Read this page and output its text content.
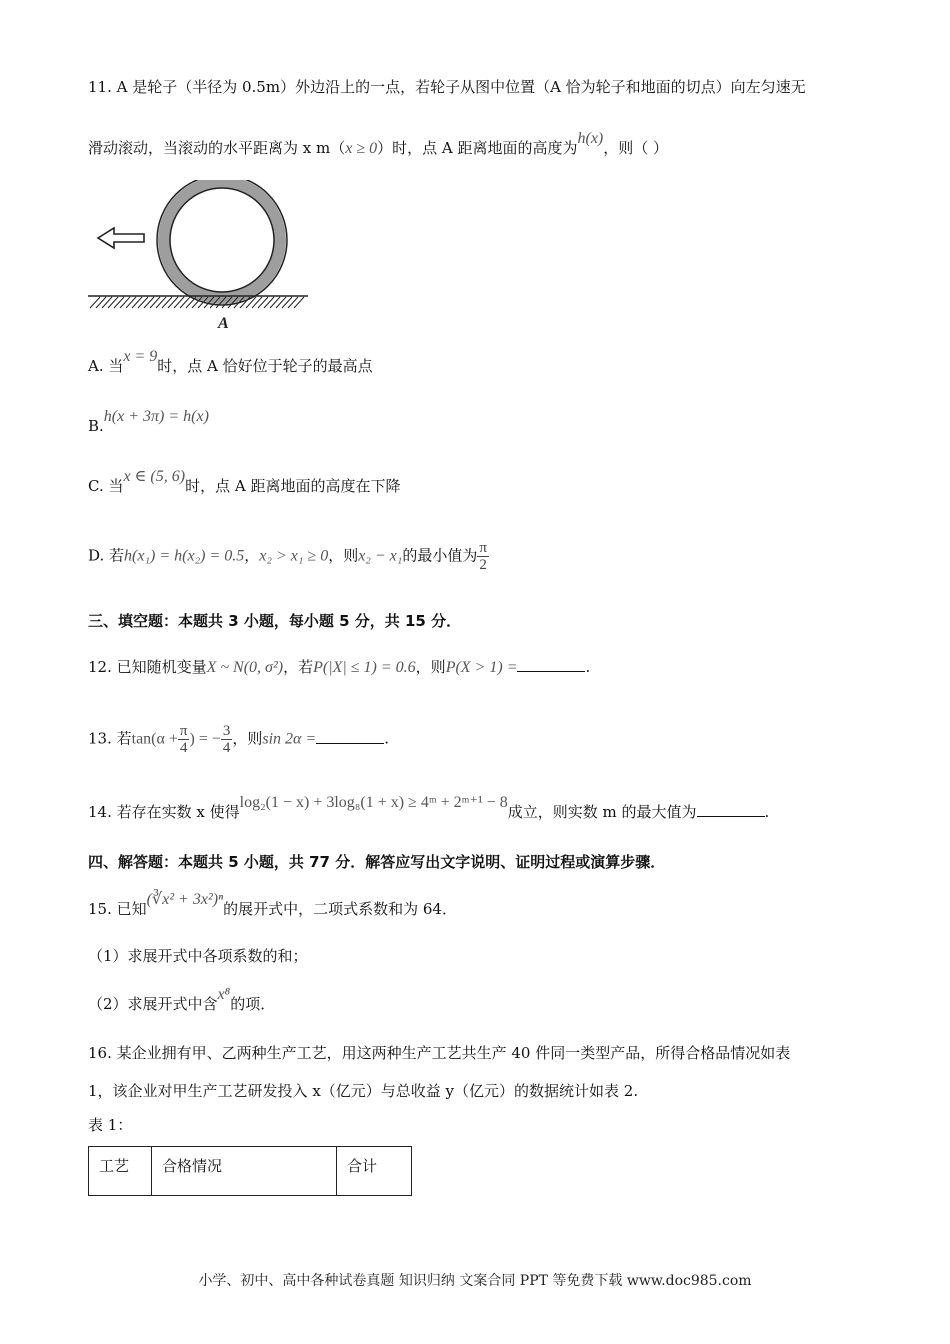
11. A 是轮子（半径为 0.5m）外边沿上的一点，若轮子从图中位置（A 恰为轮子和地面的切点）向左匀速无
滑动滚动，当滚动的水平距离为 x m（x ≥ 0）时，点 A 距离地面的高度为h(x)，则（ ）
A
A. 当x = 9时，点 A 恰好位于轮子的最高点
B.h(x + 3π) = h(x)
C. 当x ∈ (5, 6)时，点 A 距离地面的高度在下降
D. 若h(x₁) = h(x₂) = 0.5，x₂ > x₁ ≥ 0，则x₂ − x₁的最小值为 $\frac{\pi}{2}$
三、填空题：本题共 3 小题，每小题 5 分，共 15 分．
12. 已知随机变量X ~ N(0, σ²)，若P(|X| ≤ 1) = 0.6，则P(X > 1) =	.
13. 若$\tan(\alpha + \frac{\pi}{4}$ ) = − $\frac{3}{4}$ ，则sin 2α =	.
14. 若存在实数 x 使得log₂(1 − x) + 3log₈(1 + x) ≥ 4ᵐ + 2ᵐ⁺¹ − 8成立，则实数 m 的最大值为	.
四、解答题：本题共 5 小题，共 77 分．解答应写出文字说明、证明过程或演算步骤．
15. 已知(∛x² + 3x²)ⁿ的展开式中，二项式系数和为 64．
（1）求展开式中各项系数的和；
（2）求展开式中含x⁸的项．
16. 某企业拥有甲、乙两种生产工艺，用这两种生产工艺共生产 40 件同一类型产品，所得合格品情况如表
1，该企业对甲生产工艺研发投入 x（亿元）与总收益 y（亿元）的数据统计如表 2.
表 1：
工艺	合格情况	合计
小学、初中、高中各种试卷真题 知识归纳 文案合同 PPT 等免费下载 www.doc985.com
